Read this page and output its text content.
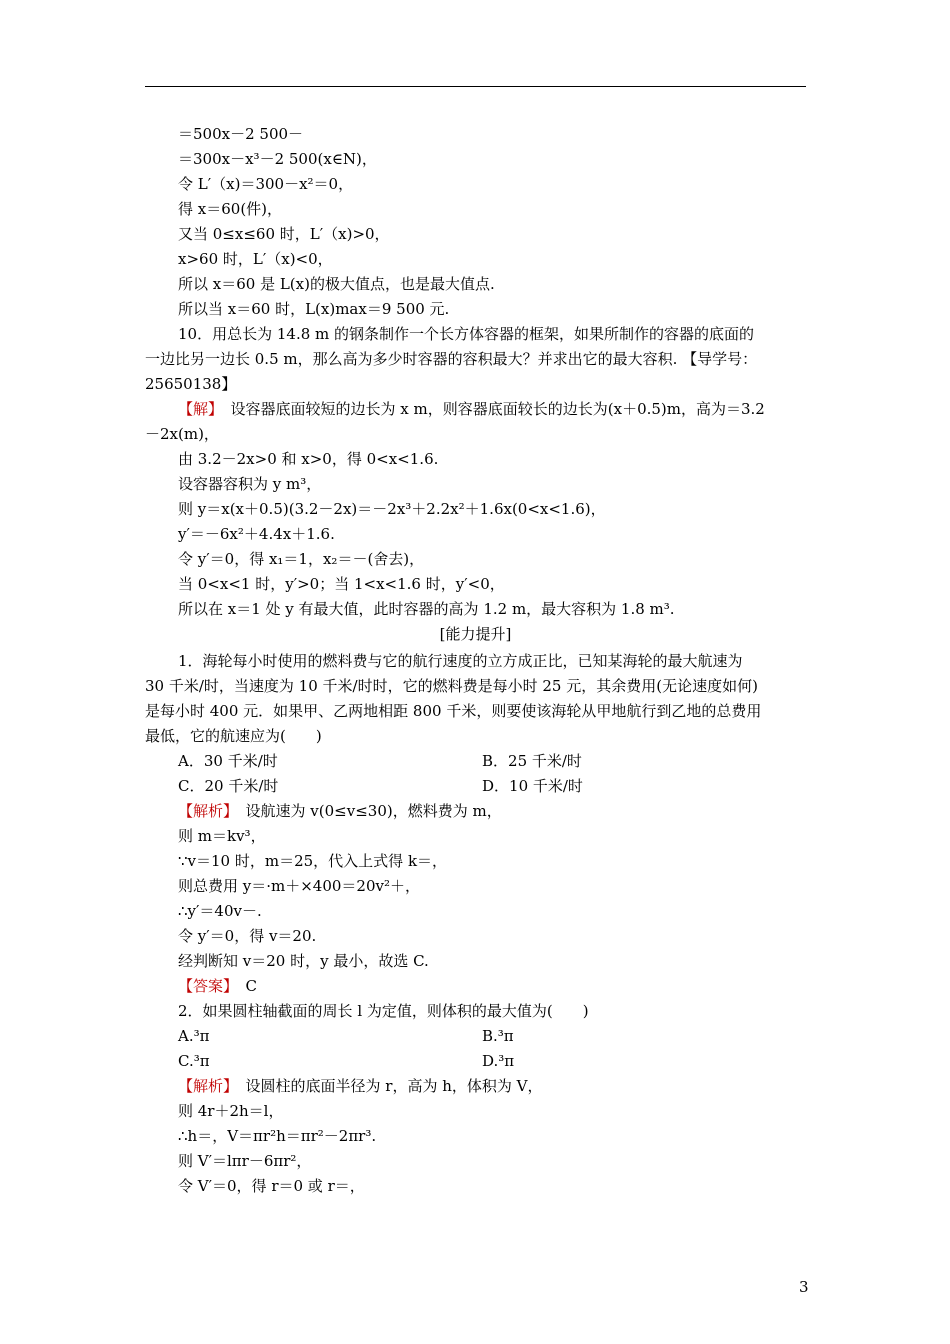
＝500x－2 500－
＝300x－x³－2 500(x∈N)，
令 L′（x)＝300－x²＝0，
得 x＝60(件)，
又当 0≤x≤60 时，L′（x)>0，
x>60 时，L′（x)<0，
所以 x＝60 是 L(x)的极大值点，也是最大值点.
所以当 x＝60 时，L(x)max＝9 500 元.
10．用总长为 14.8 m 的钢条制作一个长方体容器的框架，如果所制作的容器的底面的
一边比另一边长 0.5 m，那么高为多少时容器的容积最大？并求出它的最大容积. 【导学号：
25650138】
【解】　 设容器底面较短的边长为 x m，则容器底面较长的边长为(x＋0.5)m，高为＝3.2
－2x(m)，
由 3.2－2x>0 和 x>0，得 0<x<1.6.
设容器容积为 y m³，
则 y＝x(x＋0.5)(3.2－2x)＝－2x³＋2.2x²＋1.6x(0<x<1.6)，
y′＝－6x²＋4.4x＋1.6.
令 y′＝0，得 x₁＝1，x₂＝－(舍去)，
当 0<x<1 时，y′>0；当 1<x<1.6 时，y′<0，
所以在 x＝1 处 y 有最大值，此时容器的高为 1.2 m，最大容积为 1.8 m³.
[能力提升]
1．海轮每小时使用的燃料费与它的航行速度的立方成正比，已知某海轮的最大航速为
30 千米/时，当速度为 10 千米/时时，它的燃料费是每小时 25 元，其余费用(无论速度如何)
是每小时 400 元．如果甲、乙两地相距 800 千米，则要使该海轮从甲地航行到乙地的总费用
最低，它的航速应为(　　)
A．30 千米/时	B．25 千米/时
C．20 千米/时	D．10 千米/时
【解析】　 设航速为 v(0≤v≤30)，燃料费为 m，
则 m＝kv³，
∵v＝10 时，m＝25，代入上式得 k＝，
则总费用 y＝·m＋×400＝20v²＋，
∴y′＝40v－.
令 y′＝0，得 v＝20.
经判断知 v＝20 时，y 最小，故选 C.
【答案】　 C
2．如果圆柱轴截面的周长 l 为定值，则体积的最大值为(　　)
A.³π	B.³π
C.³π	D.³π
【解析】　 设圆柱的底面半径为 r，高为 h，体积为 V，
则 4r＋2h＝l，
∴h＝，V＝πr²h＝πr²－2πr³.
则 V′＝lπr－6πr²，
令 V′＝0，得 r＝0 或 r＝，
3
